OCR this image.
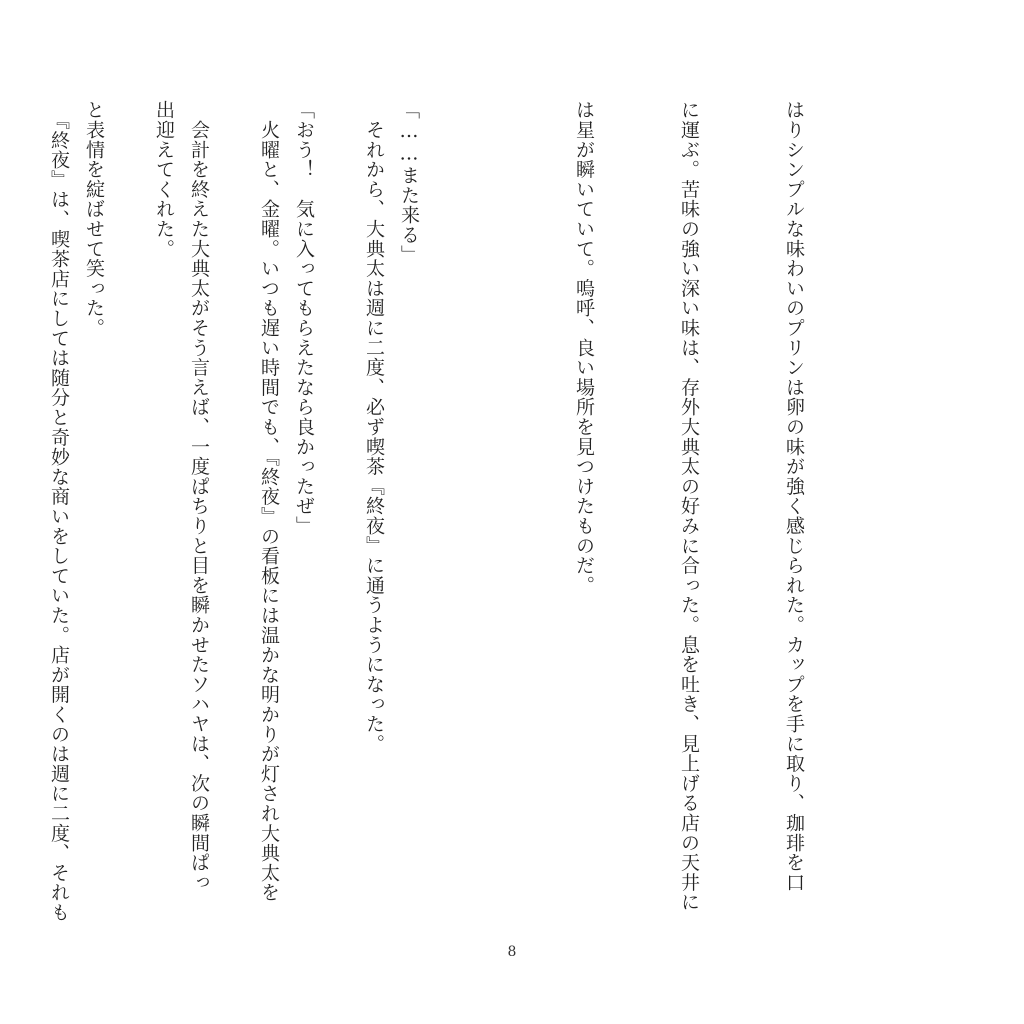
はりシンプルな味わいのプリンは卵の味が強く感じられた。カップを手に取り、珈琲を口

に運ぶ。苦味の強い深い味は、存外大典太の好みに合った。息を吐き、見上げる店の天井に

は星が瞬いていて。嗚呼、良い場所を見つけたものだ。

「……また来る」

「おう！　気に入ってもらえたなら良かったぜ」

　会計を終えた大典太がそう言えば、一度ぱちりと目を瞬かせたソハヤは、次の瞬間ぱっ

と表情を綻ばせて笑った。

	　それから、大典太は週に二度、必ず喫茶『終夜』に通うようになった。

　火曜と、金曜。いつも遅い時間でも、『終夜』の看板には温かな明かりが灯され大典太を

出迎えてくれた。

　『終夜』は、喫茶店にしては随分と奇妙な商いをしていた。店が開くのは週に二度、それも

8
